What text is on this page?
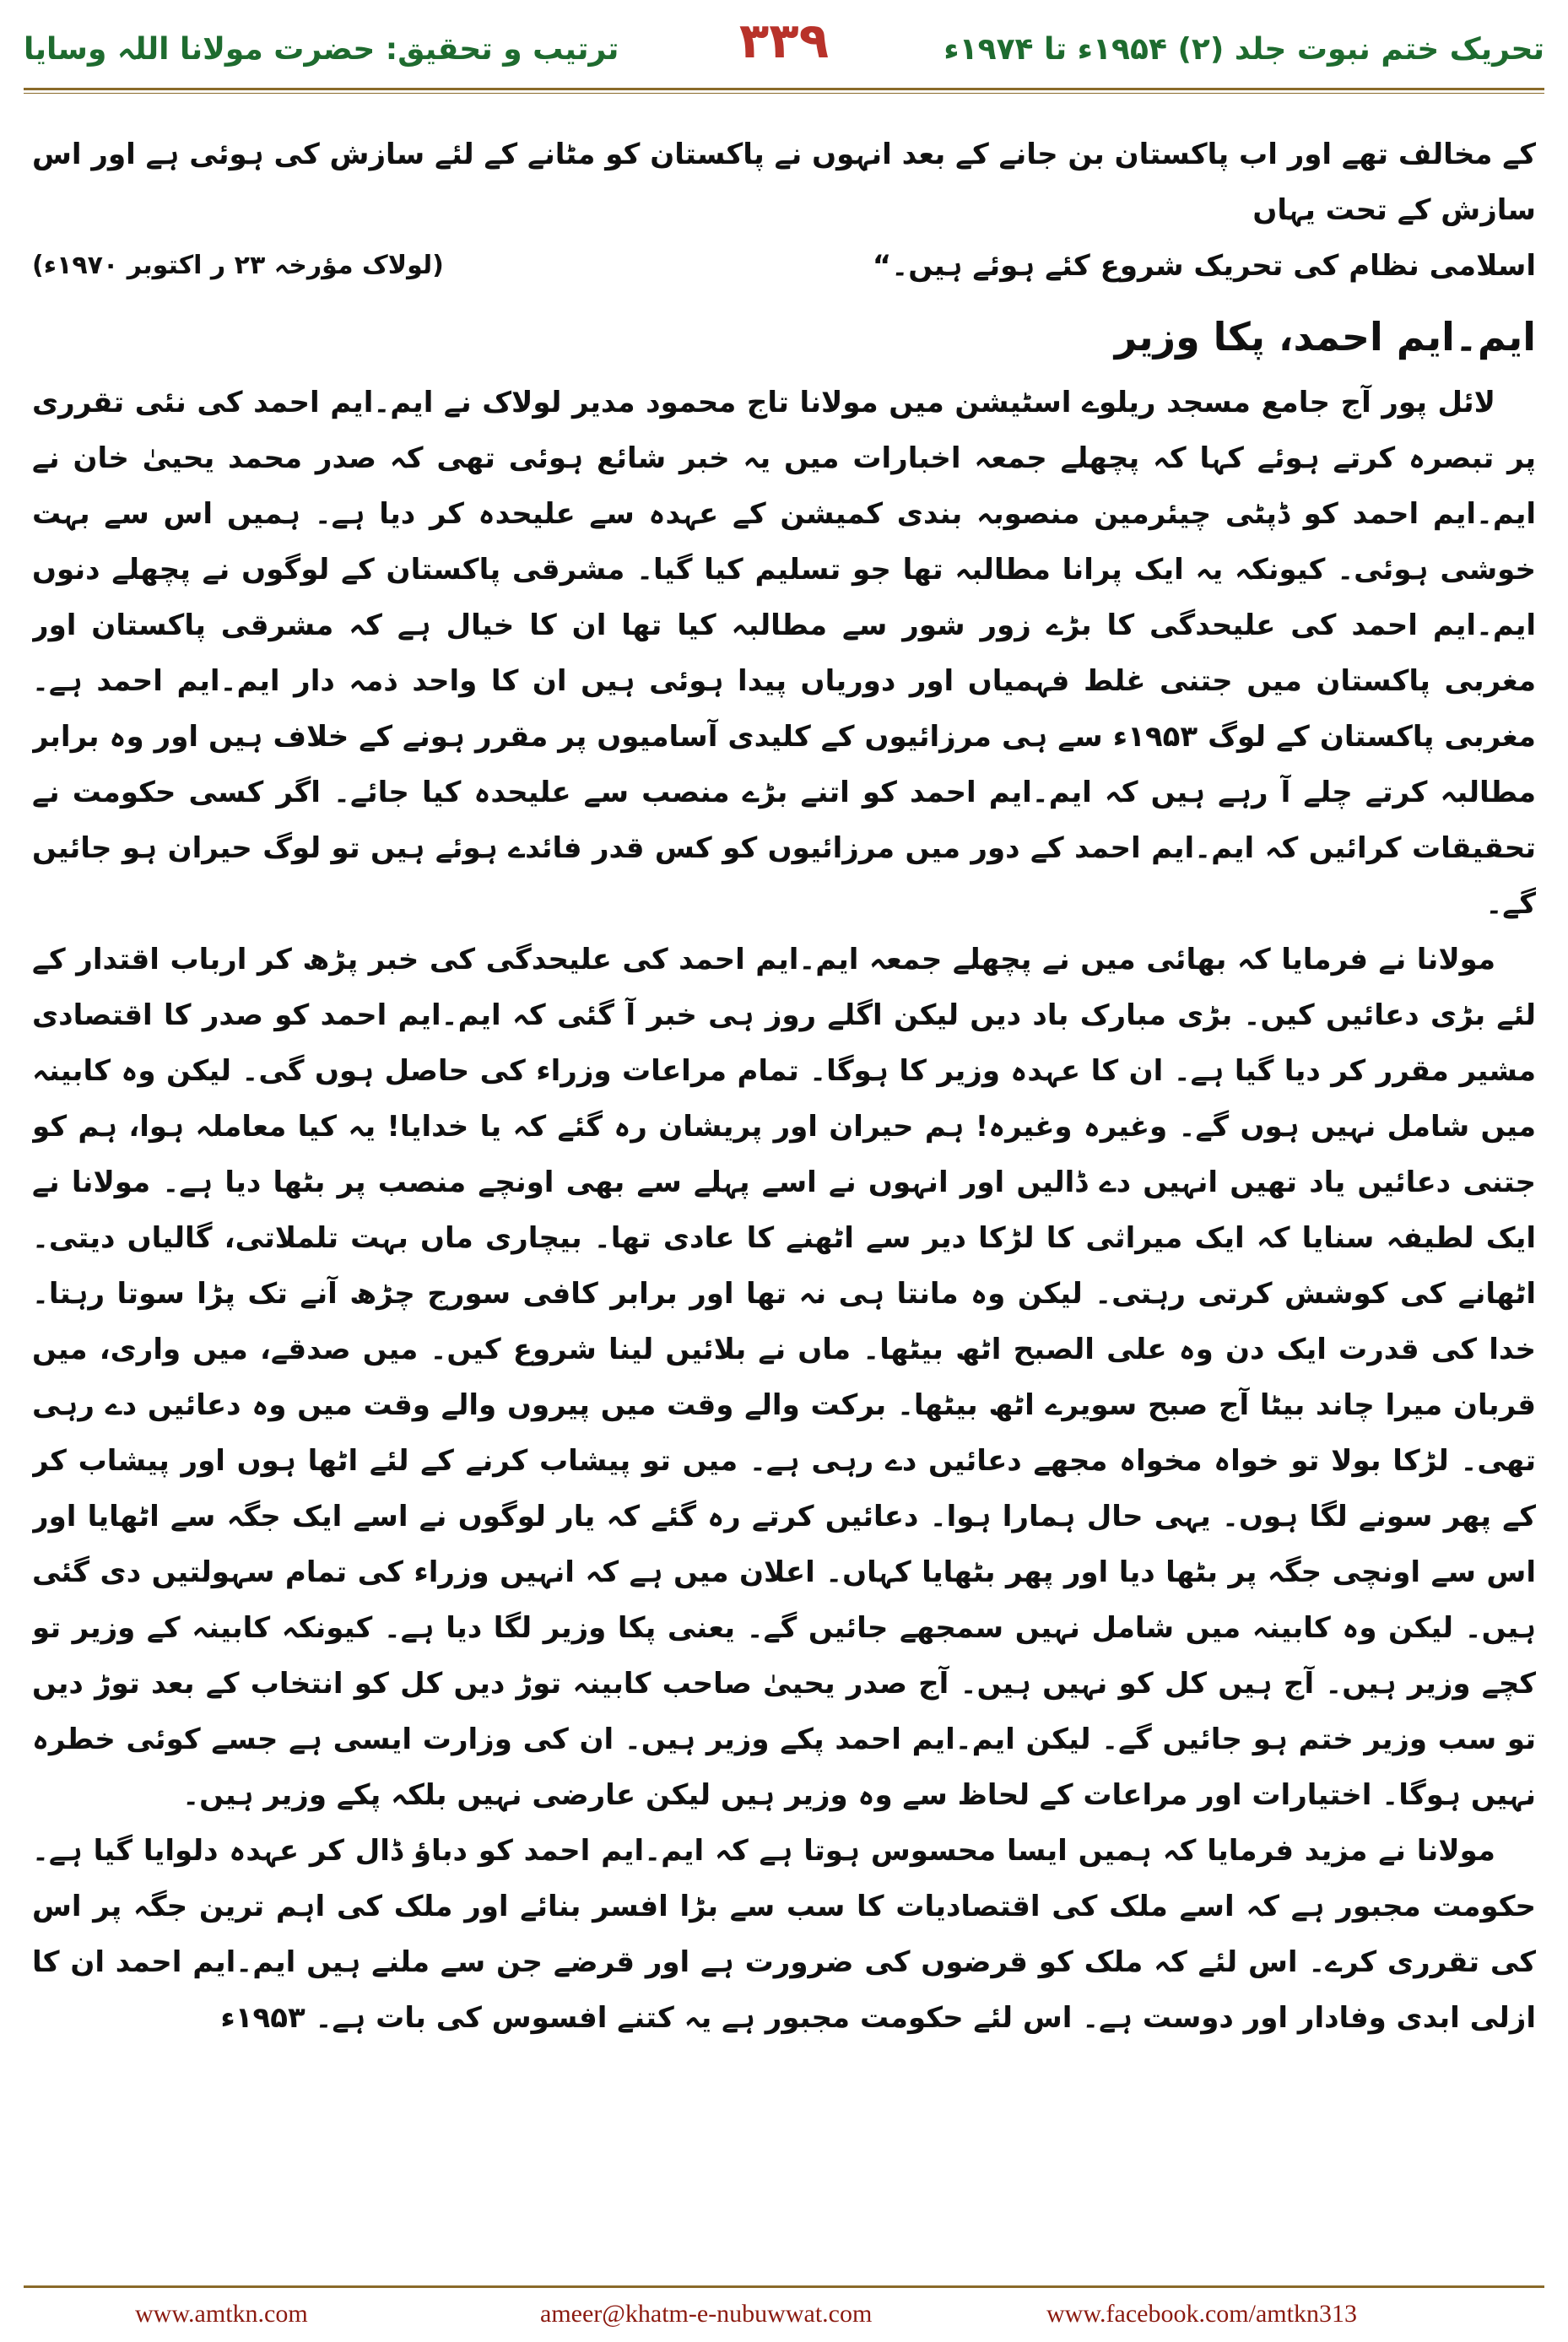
ترتیب و تحقیق: حضرت مولانا اللہ وسایا	۳۳۹	تحریک ختم نبوت جلد (۲) ۱۹۵۴ء تا ۱۹۷۴ء

کے مخالف تھے اور اب پاکستان بن جانے کے بعد انہوں نے پاکستان کو مٹانے کے لئے سازش کی ہوئی ہے اور اس سازش کے تحت یہاں

اسلامی نظام کی تحریک شروع کئے ہوئے ہیں۔“
(لولاک مؤرخہ ۲۳ ر اکتوبر ۱۹۷۰ء)
ایم۔ایم احمد، پکا وزیر

لائل پور آج جامع مسجد ریلوے اسٹیشن میں مولانا تاج محمود مدیر لولاک نے ایم۔ایم احمد کی نئی تقرری پر تبصرہ کرتے ہوئے کہا کہ پچھلے جمعہ اخبارات میں یہ خبر شائع ہوئی تھی کہ صدر محمد یحییٰ خان نے ایم۔ایم احمد کو ڈپٹی چیئرمین منصوبہ بندی کمیشن کے عہدہ سے علیحدہ کر دیا ہے۔ ہمیں اس سے بہت خوشی ہوئی۔ کیونکہ یہ ایک پرانا مطالبہ تھا جو تسلیم کیا گیا۔ مشرقی پاکستان کے لوگوں نے پچھلے دنوں ایم۔ایم احمد کی علیحدگی کا بڑے زور شور سے مطالبہ کیا تھا ان کا خیال ہے کہ مشرقی پاکستان اور مغربی پاکستان میں جتنی غلط فہمیاں اور دوریاں پیدا ہوئی ہیں ان کا واحد ذمہ دار ایم۔ایم احمد ہے۔ مغربی پاکستان کے لوگ ۱۹۵۳ء سے ہی مرزائیوں کے کلیدی آسامیوں پر مقرر ہونے کے خلاف ہیں اور وہ برابر مطالبہ کرتے چلے آ رہے ہیں کہ ایم۔ایم احمد کو اتنے بڑے منصب سے علیحدہ کیا جائے۔ اگر کسی حکومت نے تحقیقات کرائیں کہ ایم۔ایم احمد کے دور میں مرزائیوں کو کس قدر فائدے ہوئے ہیں تو لوگ حیران ہو جائیں گے۔

مولانا نے فرمایا کہ بھائی میں نے پچھلے جمعہ ایم۔ایم احمد کی علیحدگی کی خبر پڑھ کر ارباب اقتدار کے لئے بڑی دعائیں کیں۔ بڑی مبارک باد دیں لیکن اگلے روز ہی خبر آ گئی کہ ایم۔ایم احمد کو صدر کا اقتصادی مشیر مقرر کر دیا گیا ہے۔ ان کا عہدہ وزیر کا ہوگا۔ تمام مراعات وزراء کی حاصل ہوں گی۔ لیکن وہ کابینہ میں شامل نہیں ہوں گے۔ وغیرہ وغیرہ! ہم حیران اور پریشان رہ گئے کہ یا خدایا! یہ کیا معاملہ ہوا، ہم کو جتنی دعائیں یاد تھیں انہیں دے ڈالیں اور انہوں نے اسے پہلے سے بھی اونچے منصب پر بٹھا دیا ہے۔ مولانا نے ایک لطیفہ سنایا کہ ایک میراثی کا لڑکا دیر سے اٹھنے کا عادی تھا۔ بیچاری ماں بہت تلملاتی، گالیاں دیتی۔ اٹھانے کی کوشش کرتی رہتی۔ لیکن وہ مانتا ہی نہ تھا اور برابر کافی سورج چڑھ آنے تک پڑا سوتا رہتا۔ خدا کی قدرت ایک دن وہ علی الصبح اٹھ بیٹھا۔ ماں نے بلائیں لینا شروع کیں۔ میں صدقے، میں واری، میں قربان میرا چاند بیٹا آج صبح سویرے اٹھ بیٹھا۔ برکت والے وقت میں پیروں والے وقت میں وہ دعائیں دے رہی تھی۔ لڑکا بولا تو خواہ مخواہ مجھے دعائیں دے رہی ہے۔ میں تو پیشاب کرنے کے لئے اٹھا ہوں اور پیشاب کر کے پھر سونے لگا ہوں۔ یہی حال ہمارا ہوا۔ دعائیں کرتے رہ گئے کہ یار لوگوں نے اسے ایک جگہ سے اٹھایا اور اس سے اونچی جگہ پر بٹھا دیا اور پھر بٹھایا کہاں۔ اعلان میں ہے کہ انہیں وزراء کی تمام سہولتیں دی گئی ہیں۔ لیکن وہ کابینہ میں شامل نہیں سمجھے جائیں گے۔ یعنی پکا وزیر لگا دیا ہے۔ کیونکہ کابینہ کے وزیر تو کچے وزیر ہیں۔ آج ہیں کل کو نہیں ہیں۔ آج صدر یحییٰ صاحب کابینہ توڑ دیں کل کو انتخاب کے بعد توڑ دیں تو سب وزیر ختم ہو جائیں گے۔ لیکن ایم۔ایم احمد پکے وزیر ہیں۔ ان کی وزارت ایسی ہے جسے کوئی خطرہ نہیں ہوگا۔ اختیارات اور مراعات کے لحاظ سے وہ وزیر ہیں لیکن عارضی نہیں بلکہ پکے وزیر ہیں۔

مولانا نے مزید فرمایا کہ ہمیں ایسا محسوس ہوتا ہے کہ ایم۔ایم احمد کو دباؤ ڈال کر عہدہ دلوایا گیا ہے۔ حکومت مجبور ہے کہ اسے ملک کی اقتصادیات کا سب سے بڑا افسر بنائے اور ملک کی اہم ترین جگہ پر اس کی تقرری کرے۔ اس لئے کہ ملک کو قرضوں کی ضرورت ہے اور قرضے جن سے ملنے ہیں ایم۔ایم احمد ان کا ازلی ابدی وفادار اور دوست ہے۔ اس لئے حکومت مجبور ہے یہ کتنے افسوس کی بات ہے۔ ۱۹۵۳ء

www.amtkn.com	ameer@khatm-e-nubuwwat.com	www.facebook.com/amtkn313
